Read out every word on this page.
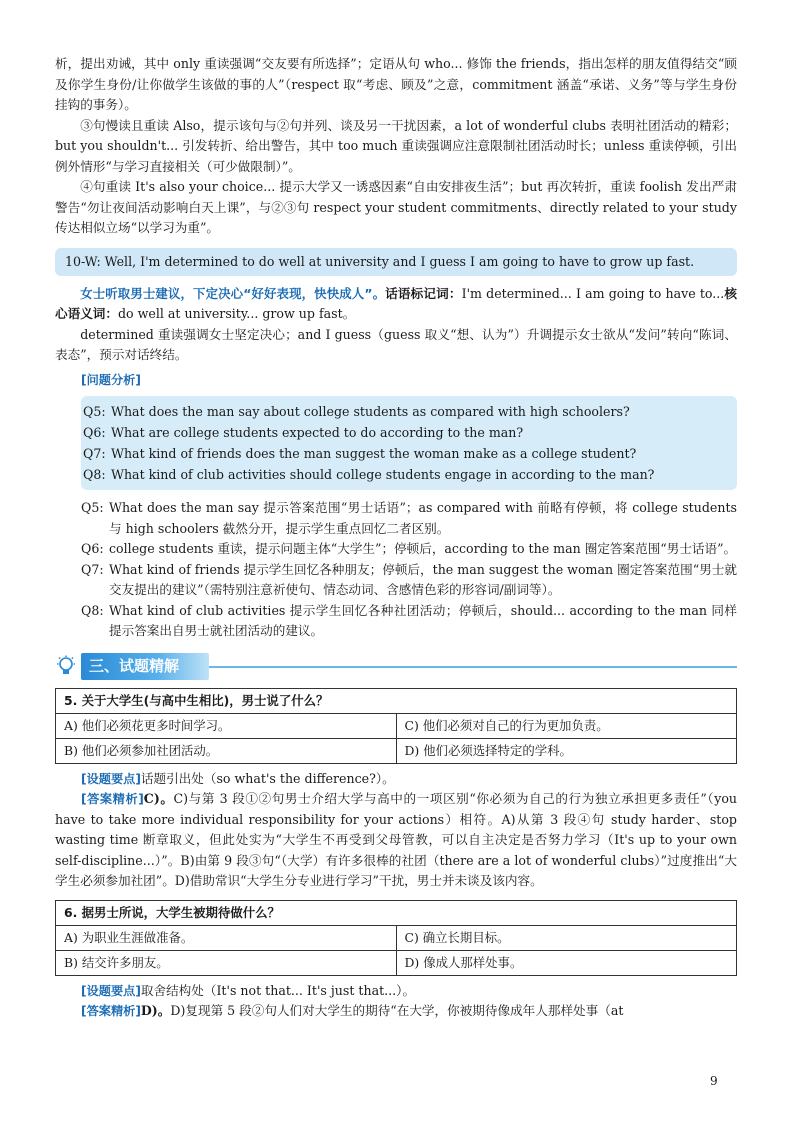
析，提出劝诫，其中 only 重读强调“交友要有所选择”；定语从句 who... 修饰 the friends，指出怎样的朋友值得结交“顾及你学生身份/让你做学生该做的事的人”（respect 取“考虑、顾及”之意，commitment 涵盖“承诺、义务”等与学生身份挂钩的事务）。

③句慢读且重读 Also，提示该句与②句并列、谈及另一干扰因素，a lot of wonderful clubs 表明社团活动的精彩；but you shouldn't... 引发转折、给出警告，其中 too much 重读强调应注意限制社团活动时长；unless 重读停顿，引出例外情形“与学习直接相关（可少做限制）”。

④句重读 It's also your choice... 提示大学又一诱惑因素“自由安排夜生活”；but 再次转折，重读 foolish 发出严肃警告“勿让夜间活动影响白天上课”，与②③句 respect your student commitments、directly related to your study 传达相似立场“以学习为重”。

10-W: Well, I'm determined to do well at university and I guess I am going to have to grow up fast.

女士听取男士建议，下定决心“好好表现，快快成人”。话语标记词：I'm determined... I am going to have to...核心语义词：do well at university... grow up fast。

determined 重读强调女士坚定决心；and I guess（guess 取义“想、认为”）升调提示女士欲从“发问”转向“陈词、表态”，预示对话终结。

[问题分析]
Q5: What does the man say about college students as compared with high schoolers?
Q6: What are college students expected to do according to the man?
Q7: What kind of friends does the man suggest the woman make as a college student?
Q8: What kind of club activities should college students engage in according to the man?
Q5: What does the man say 提示答案范围“男士话语”；as compared with 前略有停顿，将 college students 与 high schoolers 截然分开，提示学生重点回忆二者区别。
Q6: college students 重读，提示问题主体“大学生”；停顿后，according to the man 圈定答案范围“男士话语”。
Q7: What kind of friends 提示学生回忆各种朋友；停顿后，the man suggest the woman 圈定答案范围“男士就交友提出的建议”（需特别注意祈使句、情态动词、含感情色彩的形容词/副词等）。
Q8: What kind of club activities 提示学生回忆各种社团活动；停顿后，should... according to the man 同样提示答案出自男士就社团活动的建议。
三、试题精解
5. 关于大学生(与高中生相比)，男士说了什么？	
A) 他们必须花更多时间学习。	C) 他们必须对自己的行为更加负责。
B) 他们必须参加社团活动。	D) 他们必须选择特定的学科。
[设题要点]话题引出处（so what's the difference?）。

[答案精析]C)。C)与第 3 段①②句男士介绍大学与高中的一项区别“你必须为自己的行为独立承担更多责任”（you have to take more individual responsibility for your actions）相符。A)从第 3 段④句 study harder、stop wasting time 断章取义，但此处实为“大学生不再受到父母管教，可以自主决定是否努力学习（It's up to your own self-discipline...）”。B)由第 9 段③句“（大学）有许多很棒的社团（there are a lot of wonderful clubs）”过度推出“大学生必须参加社团”。D)借助常识“大学生分专业进行学习”干扰，男士并未谈及该内容。

6. 据男士所说，大学生被期待做什么？	
A) 为职业生涯做准备。	C) 确立长期目标。
B) 结交许多朋友。	D) 像成人那样处事。
[设题要点]取舍结构处（It's not that... It's just that...）。

[答案精析]D)。D)复现第 5 段②句人们对大学生的期待“在大学，你被期待像成年人那样处事（at

9
